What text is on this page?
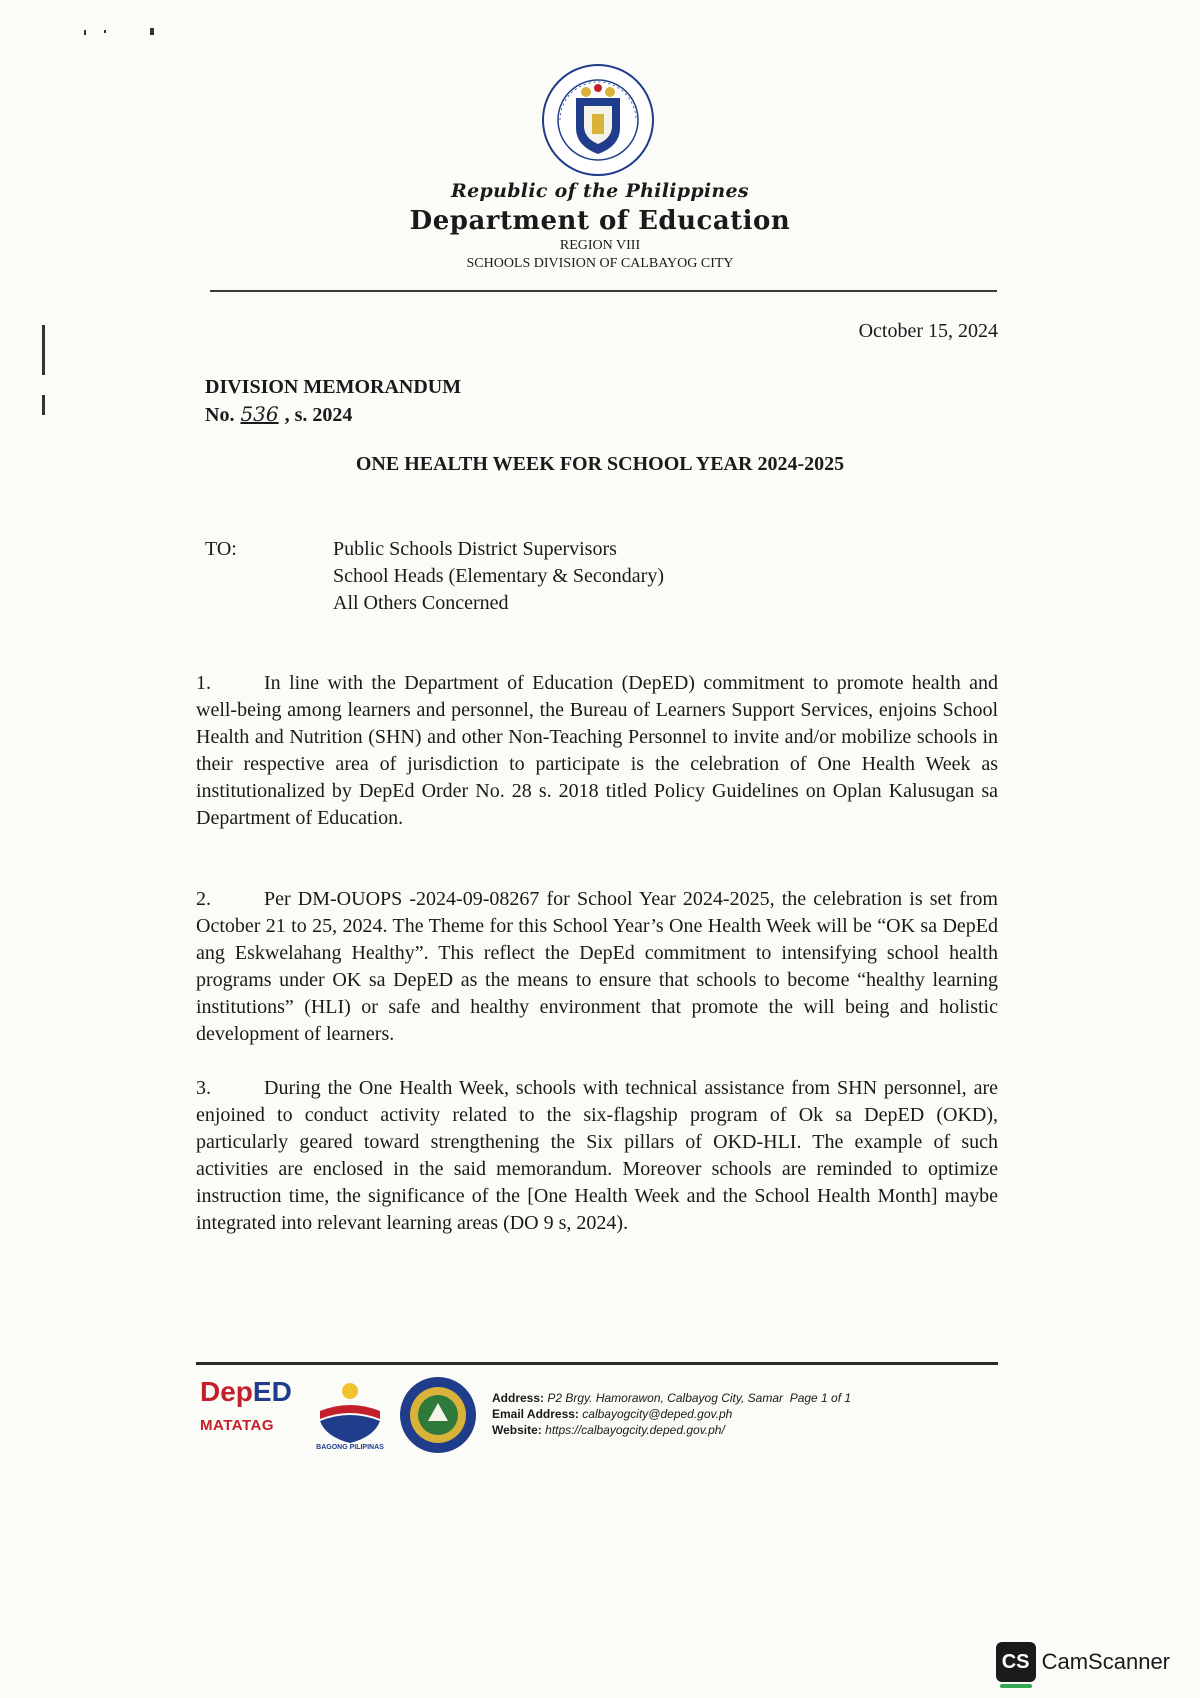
Republic of the Philippines
Department of Education
REGION VIII
SCHOOLS DIVISION OF CALBAYOG CITY
October 15, 2024
DIVISION MEMORANDUM
No. 536 , s. 2024
ONE HEALTH WEEK FOR SCHOOL YEAR 2024-2025
TO:	Public Schools District Supervisors
School Heads (Elementary & Secondary)
All Others Concerned
1.	In line with the Department of Education (DepED) commitment to promote health and well-being among learners and personnel, the Bureau of Learners Support Services, enjoins School Health and Nutrition (SHN) and other Non-Teaching Personnel to invite and/or mobilize schools in their respective area of jurisdiction to participate is the celebration of One Health Week as institutionalized by DepEd Order No. 28 s. 2018 titled Policy Guidelines on Oplan Kalusugan sa Department of Education.
2.	Per DM-OUOPS -2024-09-08267 for School Year 2024-2025, the celebration is set from October 21 to 25, 2024. The Theme for this School Year’s One Health Week will be “OK sa DepEd ang Eskwelahang Healthy”. This reflect the DepEd commitment to intensifying school health programs under OK sa DepED as the means to ensure that schools to become “healthy learning institutions” (HLI) or safe and healthy environment that promote the will being and holistic development of learners.
3.	During the One Health Week, schools with technical assistance from SHN personnel, are enjoined to conduct activity related to the six-flagship program of Ok sa DepED (OKD), particularly geared toward strengthening the Six pillars of OKD-HLI. The example of such activities are enclosed in the said memorandum. Moreover schools are reminded to optimize instruction time, the significance of the [One Health Week and the School Health Month] maybe integrated into relevant learning areas (DO 9 s, 2024).
DepED
MATATAG
BAGONG PILIPINAS
Address: P2 Brgy. Hamorawon, Calbayog City, Samar Page 1 of 1
Email Address: calbayogcity@deped.gov.ph
Website: https://calbayogcity.deped.gov.ph/
CS CamScanner
